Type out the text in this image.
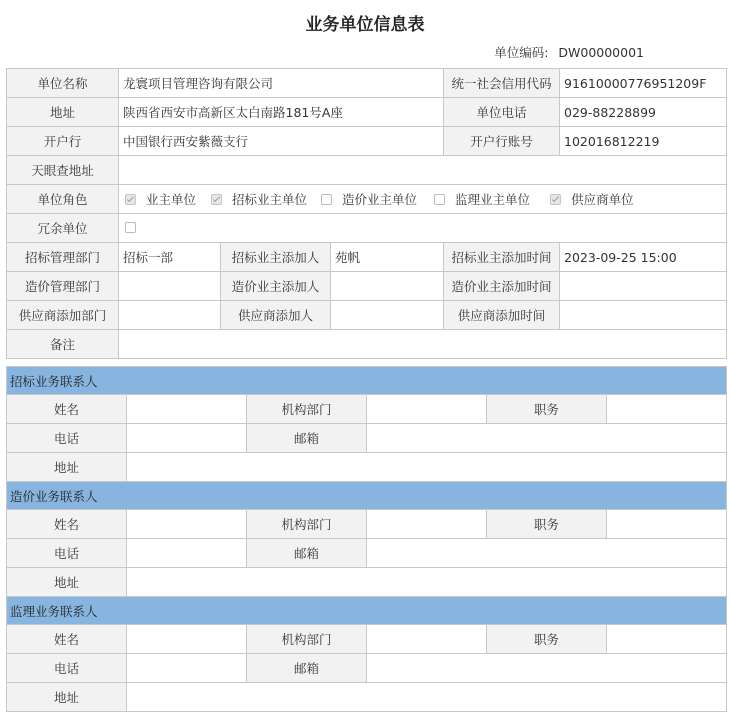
业务单位信息表
单位编码: DW00000001
单位名称	龙寰项目管理咨询有限公司			统一社会信用代码	91610000776951209F
地址	陕西省西安市高新区太白南路181号A座			单位电话	029-88228899
开户行	中国银行西安紫薇支行			开户行账号	102016812219
天眼查地址					
单位角色	业主单位 招标业主单位 造价业主单位 监理业主单位 供应商单位				

冗余单位					
招标管理部门	招标一部	招标业主添加人	苑帆	招标业主添加时间	2023-09-25 15:00
造价管理部门		造价业主添加人		造价业主添加时间	
供应商添加部门		供应商添加人		供应商添加时间	
备注					
招标业务联系人					
姓名		机构部门		职务	
电话		邮箱			
地址					
造价业务联系人					
姓名		机构部门		职务	
电话		邮箱			
地址					
监理业务联系人					
姓名		机构部门		职务	
电话		邮箱			
地址					
